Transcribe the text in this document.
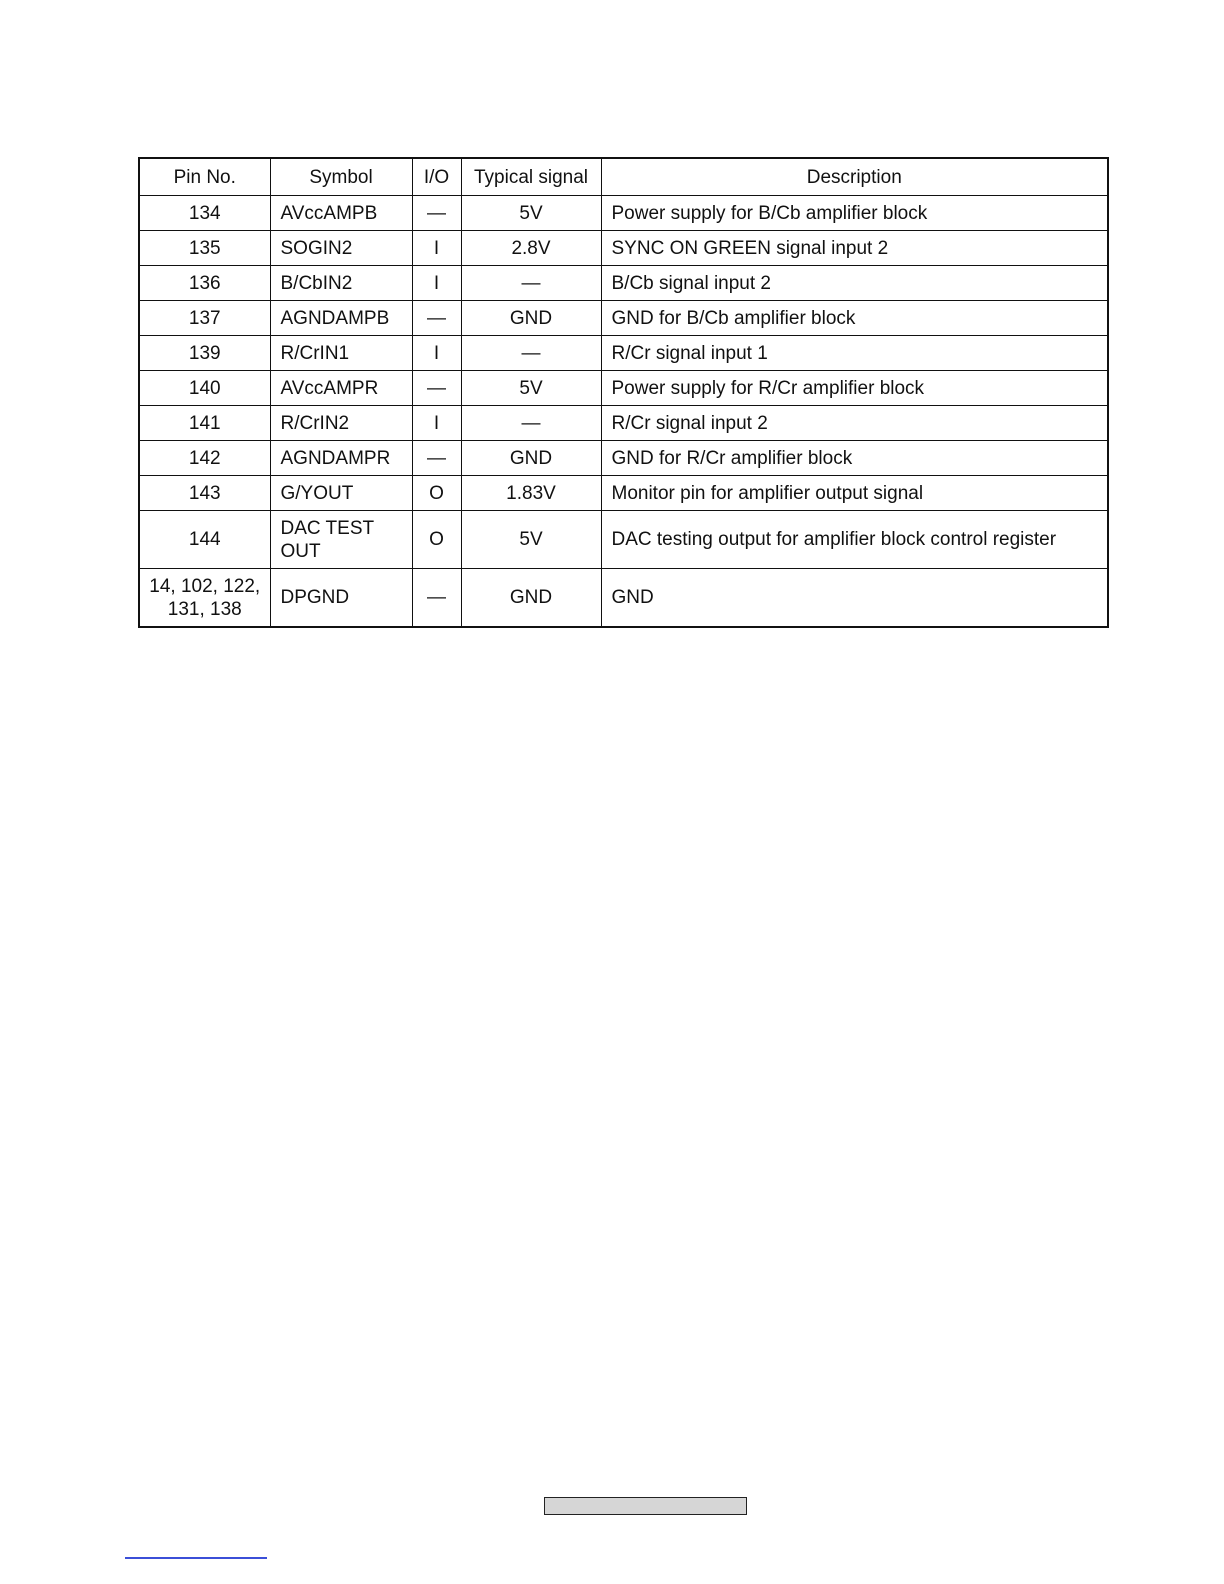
Pin No.	Symbol	I/O	Typical signal	Description
134	AVccAMPB	—	5V	Power supply for B/Cb amplifier block
135	SOGIN2	I	2.8V	SYNC ON GREEN signal input 2
136	B/CbIN2	I	—	B/Cb signal input 2
137	AGNDAMPB	—	GND	GND for B/Cb amplifier block
139	R/CrIN1	I	—	R/Cr signal input 1
140	AVccAMPR	—	5V	Power supply for R/Cr amplifier block
141	R/CrIN2	I	—	R/Cr signal input 2
142	AGNDAMPR	—	GND	GND for R/Cr amplifier block
143	G/YOUT	O	1.83V	Monitor pin for amplifier output signal
144	DAC TEST OUT	O	5V	DAC testing output for amplifier block control register
14, 102, 122, 131, 138	DPGND	—	GND	GND
